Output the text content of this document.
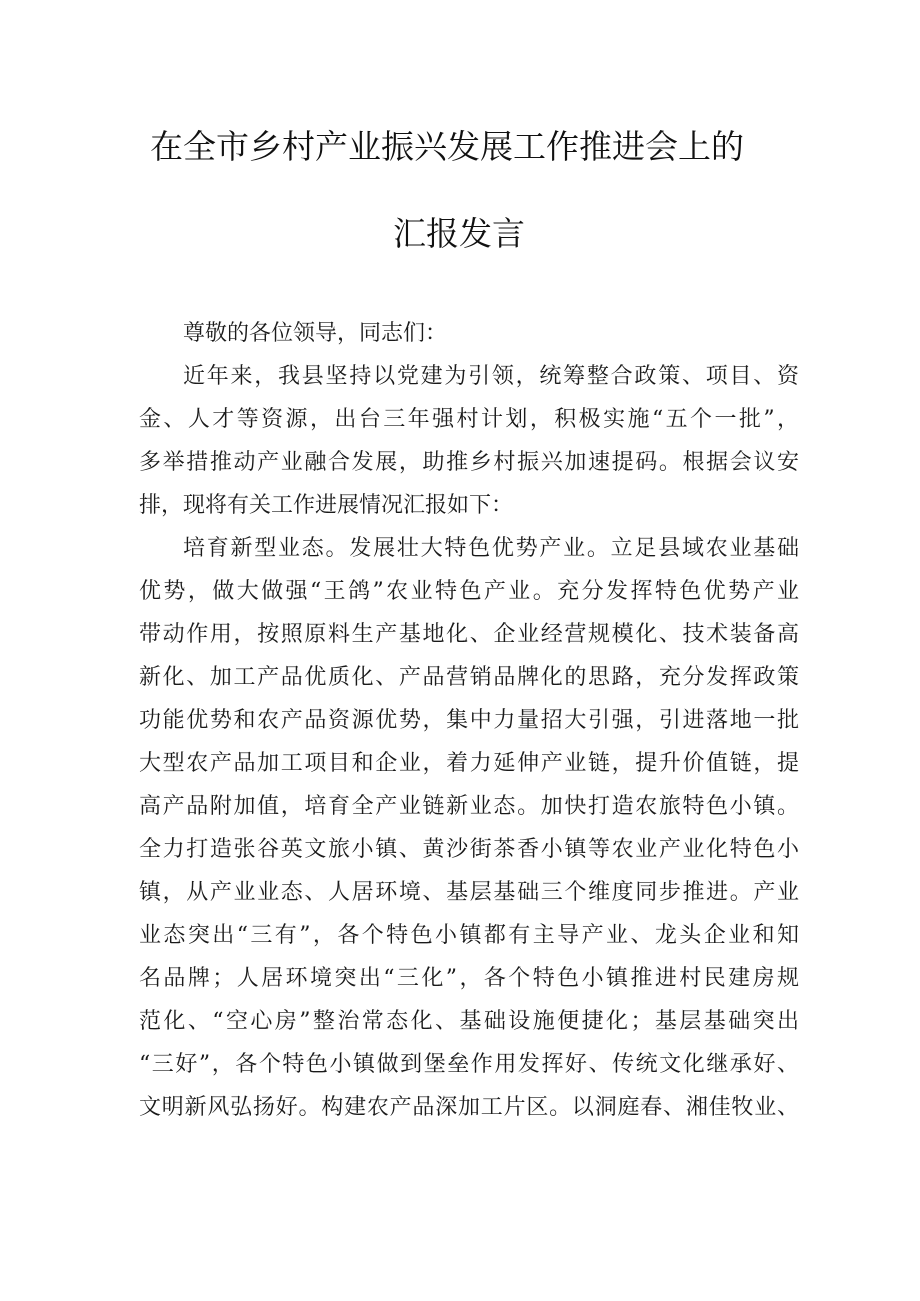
在全市乡村产业振兴发展工作推进会上的
汇报发言
尊敬的各位领导，同志们：
近年来，我县坚持以党建为引领，统筹整合政策、项目、资
金、人才等资源，出台三年强村计划，积极实施“五个一批”，
多举措推动产业融合发展，助推乡村振兴加速提码。根据会议安
排，现将有关工作进展情况汇报如下：
培育新型业态。发展壮大特色优势产业。立足县域农业基础
优势，做大做强“王鸽”农业特色产业。充分发挥特色优势产业
带动作用，按照原料生产基地化、企业经营规模化、技术装备高
新化、加工产品优质化、产品营销品牌化的思路，充分发挥政策
功能优势和农产品资源优势，集中力量招大引强，引进落地一批
大型农产品加工项目和企业，着力延伸产业链，提升价值链，提
高产品附加值，培育全产业链新业态。加快打造农旅特色小镇。
全力打造张谷英文旅小镇、黄沙街茶香小镇等农业产业化特色小
镇，从产业业态、人居环境、基层基础三个维度同步推进。产业
业态突出“三有”，各个特色小镇都有主导产业、龙头企业和知
名品牌；人居环境突出“三化”，各个特色小镇推进村民建房规
范化、“空心房”整治常态化、基础设施便捷化；基层基础突出
“三好”，各个特色小镇做到堡垒作用发挥好、传统文化继承好、
文明新风弘扬好。构建农产品深加工片区。以洞庭春、湘佳牧业、
